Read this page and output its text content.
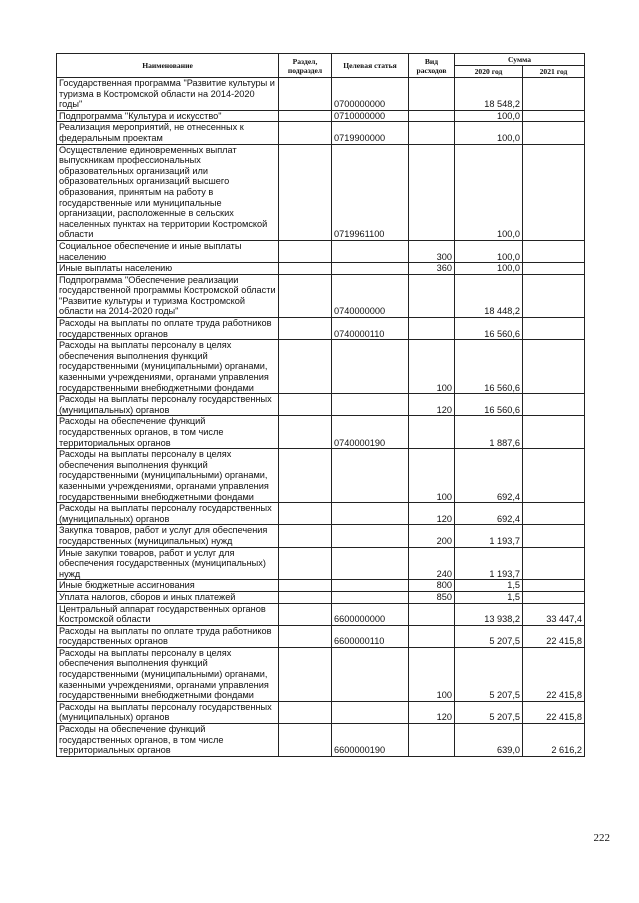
Наименование	Раздел, подраздел	Целевая статья	Вид расходов	Сумма	
				2020 год	2021 год
Государственная программа "Развитие культуры и туризма в Костромской области на 2014-2020 годы"		0700000000		18 548,2	
Подпрограмма "Культура и искусство"		0710000000		100,0	
Реализация мероприятий, не отнесенных к федеральным проектам		0719900000		100,0	
Осуществление единовременных выплат выпускникам профессиональных образовательных организаций или образовательных организаций высшего образования, принятым на работу в государственные или муниципальные организации, расположенные в сельских населенных пунктах на территории Костромской области		0719961100		100,0	
Социальное обеспечение и иные выплаты населению			300	100,0	
Иные выплаты населению			360	100,0	
Подпрограмма "Обеспечение реализации государственной программы Костромской области "Развитие культуры и туризма Костромской области на 2014-2020 годы"		0740000000		18 448,2	
Расходы на выплаты по оплате труда работников государственных органов		0740000110		16 560,6	
Расходы на выплаты персоналу в целях обеспечения выполнения функций государственными (муниципальными) органами, казенными учреждениями, органами управления государственными внебюджетными фондами			100	16 560,6	
Расходы на выплаты персоналу государственных (муниципальных) органов			120	16 560,6	
Расходы на обеспечение функций государственных органов, в том числе территориальных органов		0740000190		1 887,6	
Расходы на выплаты персоналу в целях обеспечения выполнения функций государственными (муниципальными) органами, казенными учреждениями, органами управления государственными внебюджетными фондами			100	692,4	
Расходы на выплаты персоналу государственных (муниципальных) органов			120	692,4	
Закупка товаров, работ и услуг для обеспечения государственных (муниципальных) нужд			200	1 193,7	
Иные закупки товаров, работ и услуг для обеспечения государственных (муниципальных) нужд			240	1 193,7	
Иные бюджетные ассигнования			800	1,5	
Уплата налогов, сборов и иных платежей			850	1,5	
Центральный аппарат государственных органов Костромской области		6600000000		13 938,2	33 447,4
Расходы на выплаты по оплате труда работников государственных органов		6600000110		5 207,5	22 415,8
Расходы на выплаты персоналу в целях обеспечения выполнения функций государственными (муниципальными) органами, казенными учреждениями, органами управления государственными внебюджетными фондами			100	5 207,5	22 415,8
Расходы на выплаты персоналу государственных (муниципальных) органов			120	5 207,5	22 415,8
Расходы на обеспечение функций государственных органов, в том числе территориальных органов		6600000190		639,0	2 616,2
222
